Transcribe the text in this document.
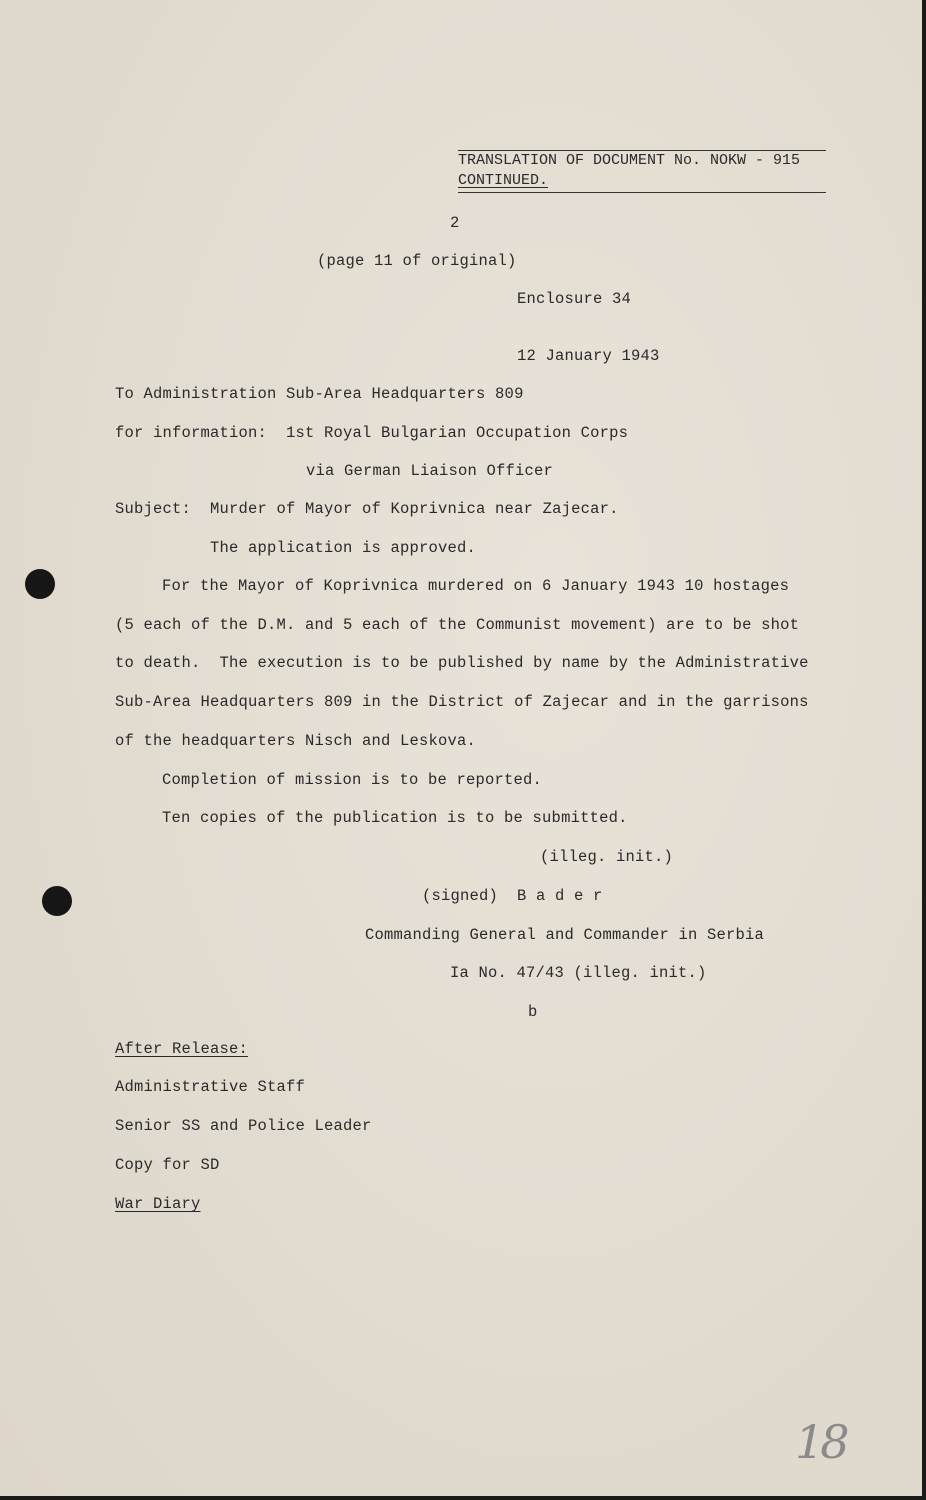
TRANSLATION OF DOCUMENT No. NOKW - 915
CONTINUED.
2
(page 11 of original)
Enclosure 34
12 January 1943
To Administration Sub-Area Headquarters 809
for information:  1st Royal Bulgarian Occupation Corps
via German Liaison Officer
Subject:  Murder of Mayor of Koprivnica near Zajecar.
The application is approved.
For the Mayor of Koprivnica murdered on 6 January 1943 10 hostages
(5 each of the D.M. and 5 each of the Communist movement) are to be shot
to death.  The execution is to be published by name by the Administrative
Sub-Area Headquarters 809 in the District of Zajecar and in the garrisons
of the headquarters Nisch and Leskova.
Completion of mission is to be reported.
Ten copies of the publication is to be submitted.
(illeg. init.)
(signed)  B a d e r
Commanding General and Commander in Serbia
Ia No. 47/43 (illeg. init.)
b
After Release:
Administrative Staff
Senior SS and Police Leader
Copy for SD
War Diary
18
